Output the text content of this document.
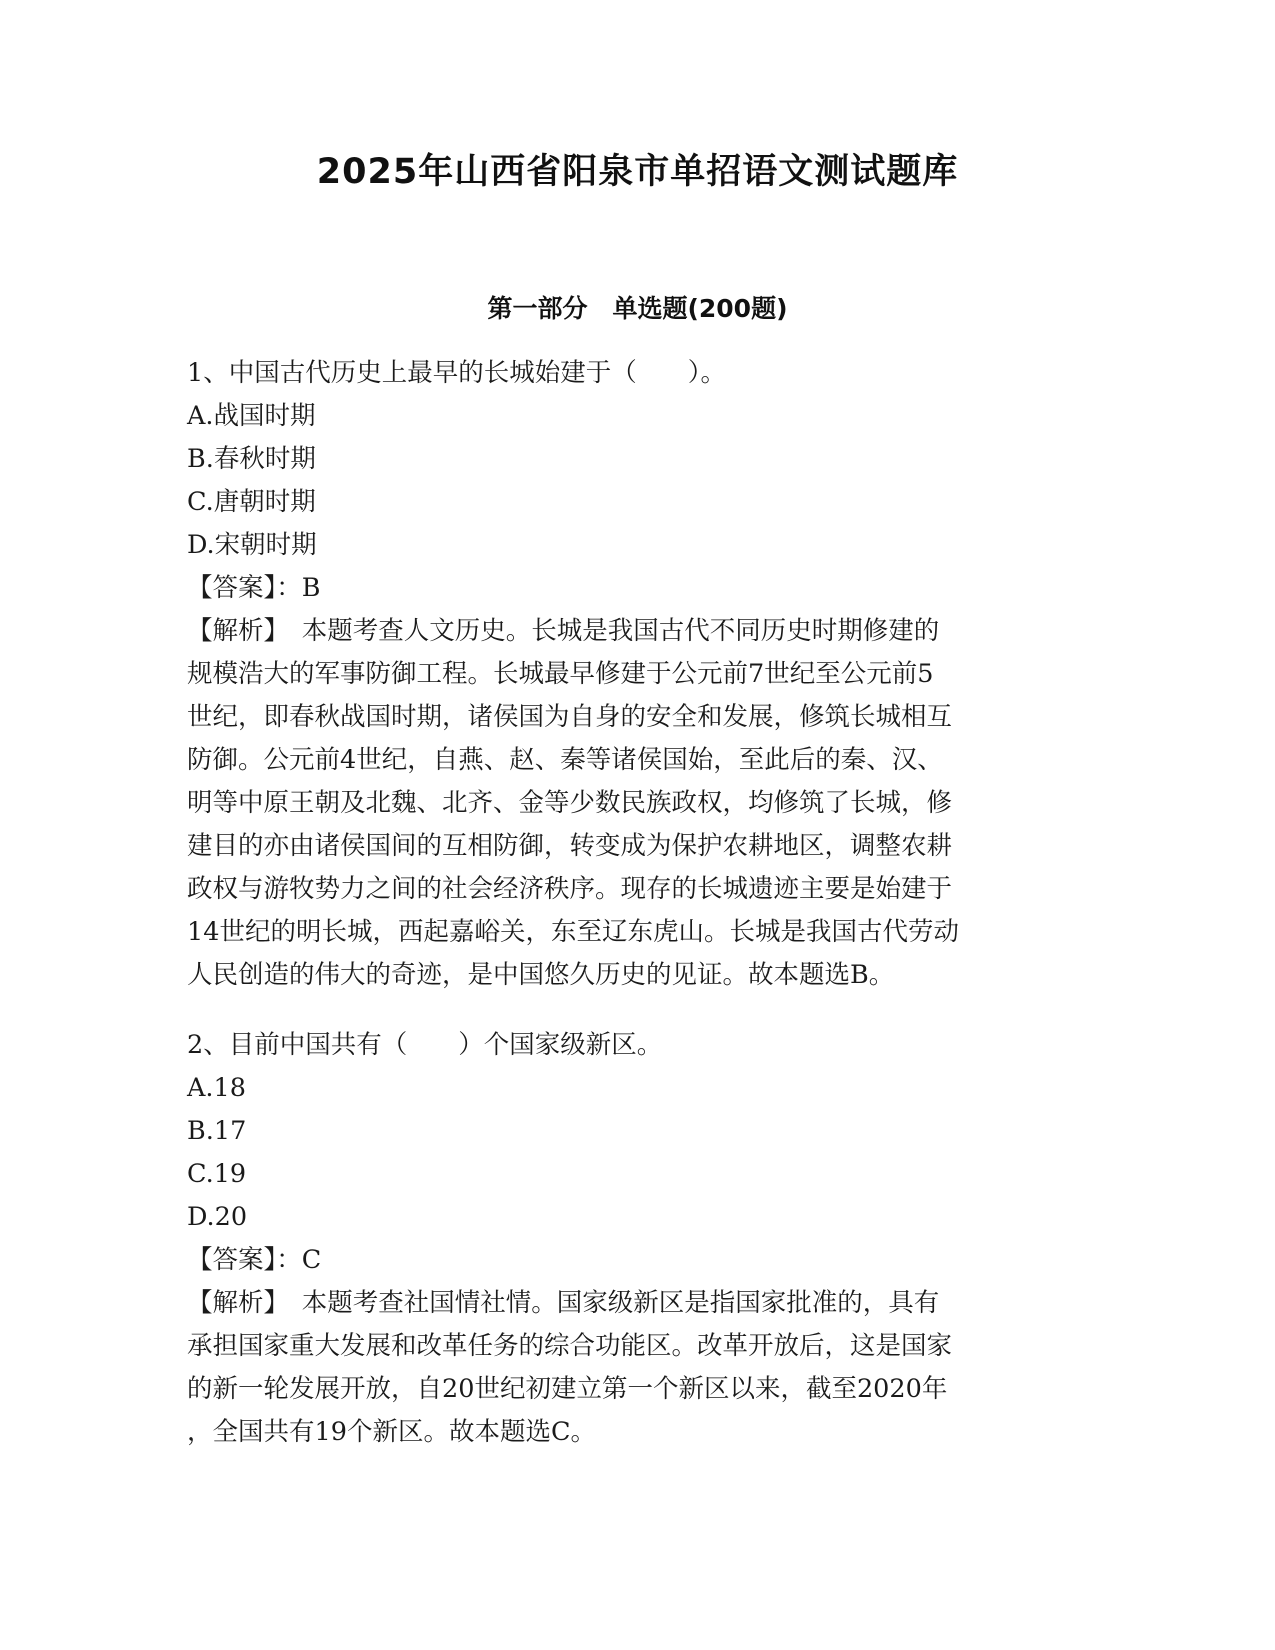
2025年山西省阳泉市单招语文测试题库
第一部分　单选题(200题)
1、中国古代历史上最早的长城始建于（　　）。
A.战国时期
B.春秋时期
C.唐朝时期
D.宋朝时期
【答案】：B
【解析】　本题考查人文历史。长城是我国古代不同历史时期修建的
规模浩大的军事防御工程。长城最早修建于公元前7世纪至公元前5
世纪，即春秋战国时期，诸侯国为自身的安全和发展，修筑长城相互
防御。公元前4世纪，自燕、赵、秦等诸侯国始，至此后的秦、汉、
明等中原王朝及北魏、北齐、金等少数民族政权，均修筑了长城，修
建目的亦由诸侯国间的互相防御，转变成为保护农耕地区，调整农耕
政权与游牧势力之间的社会经济秩序。现存的长城遗迹主要是始建于
14世纪的明长城，西起嘉峪关，东至辽东虎山。长城是我国古代劳动
人民创造的伟大的奇迹，是中国悠久历史的见证。故本题选B。
2、目前中国共有（　　）个国家级新区。
A.18
B.17
C.19
D.20
【答案】：C
【解析】　本题考查社国情社情。国家级新区是指国家批准的，具有
承担国家重大发展和改革任务的综合功能区。改革开放后，这是国家
的新一轮发展开放，自20世纪初建立第一个新区以来，截至2020年
，全国共有19个新区。故本题选C。
